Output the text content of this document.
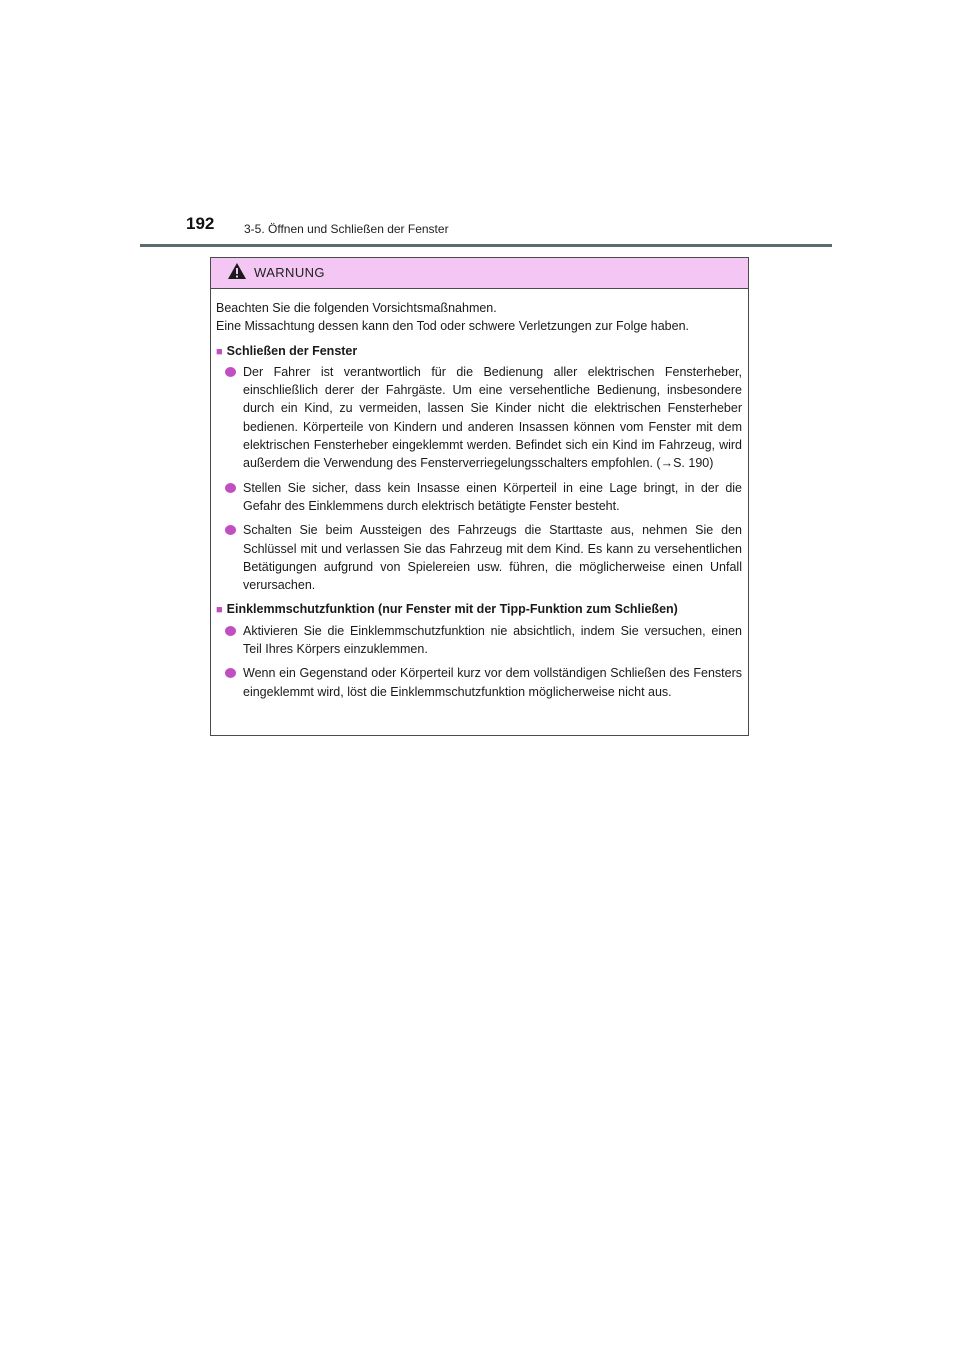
192 3-5. Öffnen und Schließen der Fenster
WARNUNG

Beachten Sie die folgenden Vorsichtsmaßnahmen.

Eine Missachtung dessen kann den Tod oder schwere Verletzungen zur Folge haben.

■ Schließen der Fenster
Der Fahrer ist verantwortlich für die Bedienung aller elektrischen Fensterheber, einschließlich derer der Fahrgäste. Um eine versehentliche Bedienung, insbesondere durch ein Kind, zu vermeiden, lassen Sie Kinder nicht die elektrischen Fensterheber bedienen. Körperteile von Kindern und anderen Insassen können vom Fenster mit dem elektrischen Fensterheber eingeklemmt werden. Befindet sich ein Kind im Fahrzeug, wird außerdem die Verwendung des Fensterverriegelungsschalters empfohlen. (→S. 190)
Stellen Sie sicher, dass kein Insasse einen Körperteil in eine Lage bringt, in der die Gefahr des Einklemmens durch elektrisch betätigte Fenster besteht.
Schalten Sie beim Aussteigen des Fahrzeugs die Starttaste aus, nehmen Sie den Schlüssel mit und verlassen Sie das Fahrzeug mit dem Kind. Es kann zu versehentlichen Betätigungen aufgrund von Spielereien usw. führen, die möglicherweise einen Unfall verursachen.
■ Einklemmschutzfunktion (nur Fenster mit der Tipp-Funktion zum Schließen)
Aktivieren Sie die Einklemmschutzfunktion nie absichtlich, indem Sie versuchen, einen Teil Ihres Körpers einzuklemmen.
Wenn ein Gegenstand oder Körperteil kurz vor dem vollständigen Schließen des Fensters eingeklemmt wird, löst die Einklemmschutzfunktion möglicherweise nicht aus.
